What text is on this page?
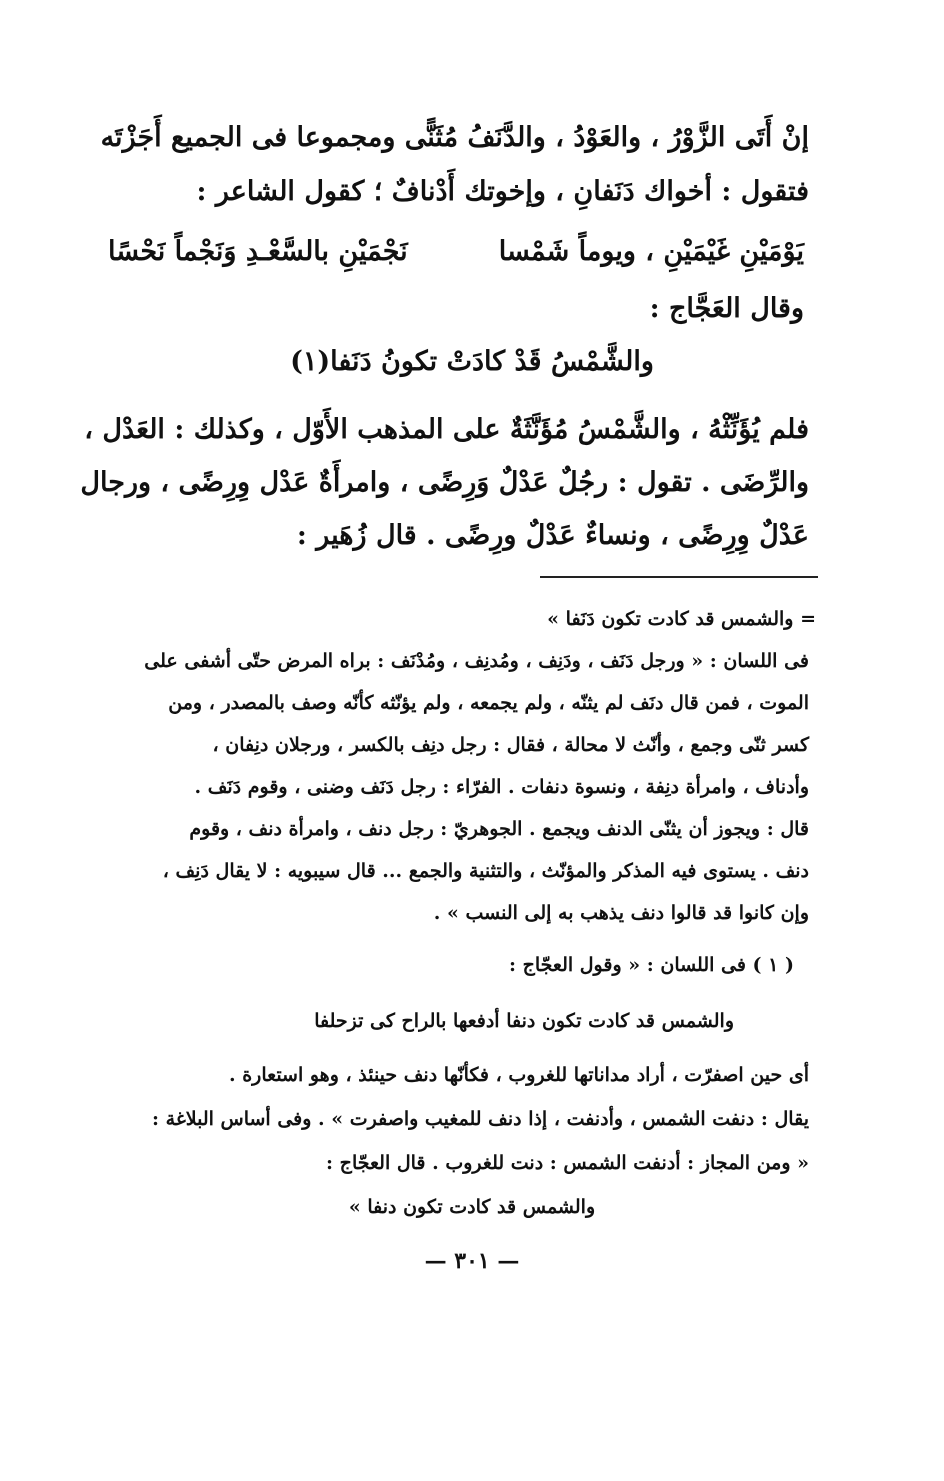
إنْ أَتَى الزَّوْرُ ، والعَوْدُ ، والدَّنَفُ مُثَنًّى ومجموعا فى الجميع أَجَزْتَه
فتقول : أخواك دَنَفانِ ، وإخوتك أَدْنافٌ ؛ كقول الشاعر :
يَوْمَيْنِ غَيْمَيْنِ ، ويوماً شَمْسا
نَجْمَيْنِ بالسَّعْـدِ وَنَجْماً نَحْسًا
وقال العَجَّاج :
والشَّمْسُ قَدْ كادَتْ تكونُ دَنَفا(١)
فلم يُؤَنِّثْهُ ، والشَّمْسُ مُؤَنَّثَةٌ على المذهب الأَوّل ، وكذلك : العَدْل ،
والرِّضَى . تقول : رجُلٌ عَدْلٌ وَرِضًى ، وامرأَةٌ عَدْل وِرِضًى ، ورجال
عَدْلٌ وِرِضًى ، ونساءٌ عَدْلٌ ورِضًى . قال زُهَير :
= والشمس قد كادت تكون دَنَفا »
فى اللسان : « ورجل دَنَف ، ودَنِف ، ومُدنِف ، ومُدْنَف : براه المرض حتّى أشفى على
الموت ، فمن قال دنَف لم يثنّه ، ولم يجمعه ، ولم يؤنّثه كأنّه وصف بالمصدر ، ومن
كسر ثنّى وجمع ، وأنّث لا محالة ، فقال : رجل دنِف بالكسر ، ورجلان دنِفان ،
وأدناف ، وامرأة دنِفة ، ونسوة دنفات . الفرّاء : رجل دَنَف وضنى ، وقوم دَنَف .
قال : ويجوز أن يثنّى الدنف ويجمع . الجوهريّ : رجل دنف ، وامرأة دنف ، وقوم
دنف . يستوى فيه المذكر والمؤنّث ، والتثنية والجمع ... قال سيبويه : لا يقال دَنِف ،
وإن كانوا قد قالوا دنف يذهب به إلى النسب » .
( ١ ) فى اللسان : « وقول العجّاج :
والشمس قد كادت تكون دنفا أدفعها بالراح كى تزحلفا
أى حين اصفرّت ، أراد مداناتها للغروب ، فكأنّها دنف حينئذ ، وهو استعارة .
يقال : دنفت الشمس ، وأدنفت ، إذا دنف للمغيب واصفرت » . وفى أساس البلاغة :
« ومن المجاز : أدنفت الشمس : دنت للغروب . قال العجّاج :
والشمس قد كادت تكون دنفا »
— ٣٠١ —
